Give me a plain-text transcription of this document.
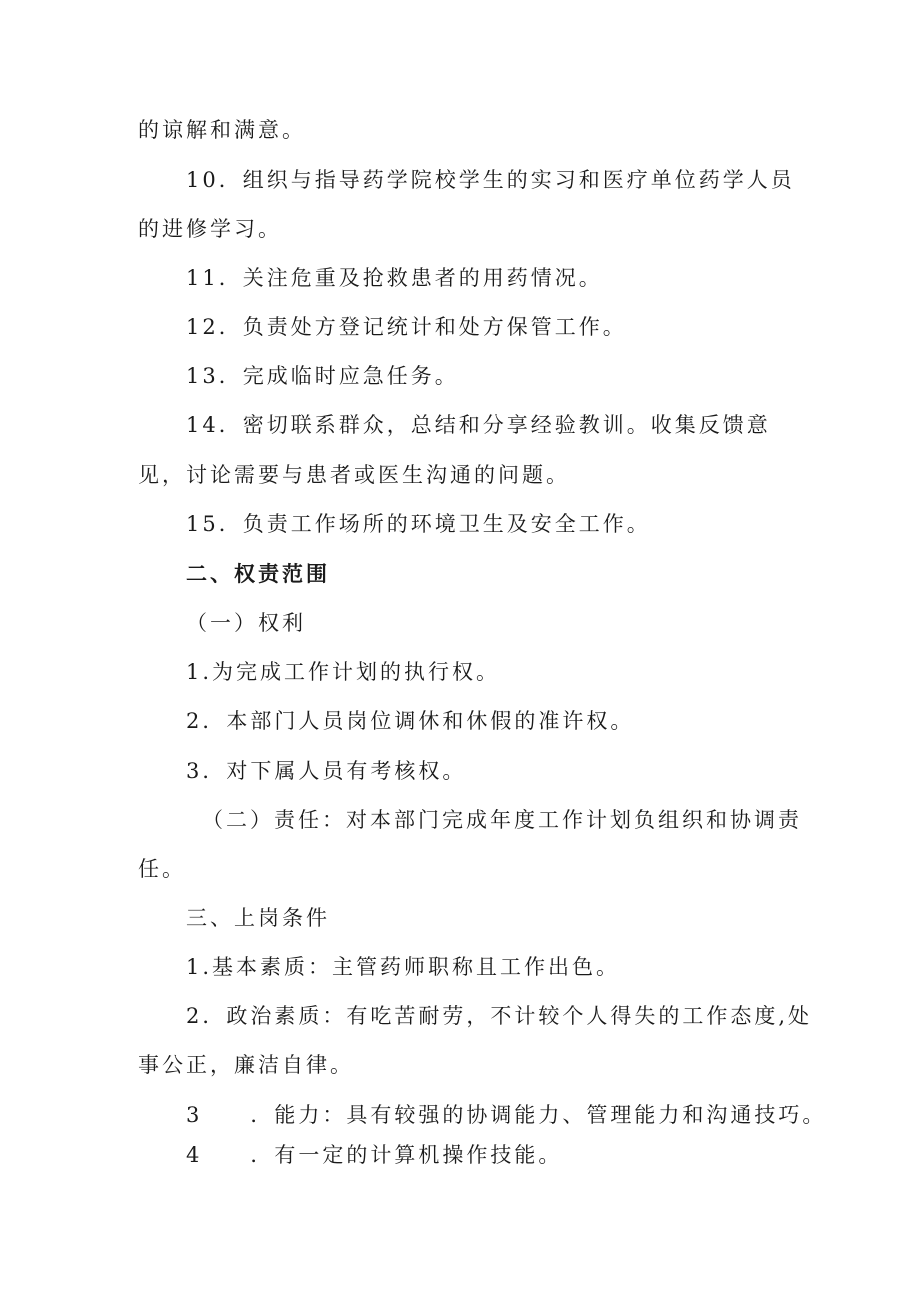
的谅解和满意。
10．组织与指导药学院校学生的实习和医疗单位药学人员
的进修学习。
11．关注危重及抢救患者的用药情况。
12．负责处方登记统计和处方保管工作。
13．完成临时应急任务。
14．密切联系群众，总结和分享经验教训。收集反馈意
见，讨论需要与患者或医生沟通的问题。
15．负责工作场所的环境卫生及安全工作。
二、权责范围
（一）权利
1.为完成工作计划的执行权。
2．本部门人员岗位调休和休假的准许权。
3．对下属人员有考核权。
（二）责任：对本部门完成年度工作计划负组织和协调责
任。
三、上岗条件
1.基本素质：主管药师职称且工作出色。
2．政治素质：有吃苦耐劳，不计较个人得失的工作态度,处
事公正，廉洁自律。
3　　．能力：具有较强的协调能力、管理能力和沟通技巧。
4　　．有一定的计算机操作技能。
